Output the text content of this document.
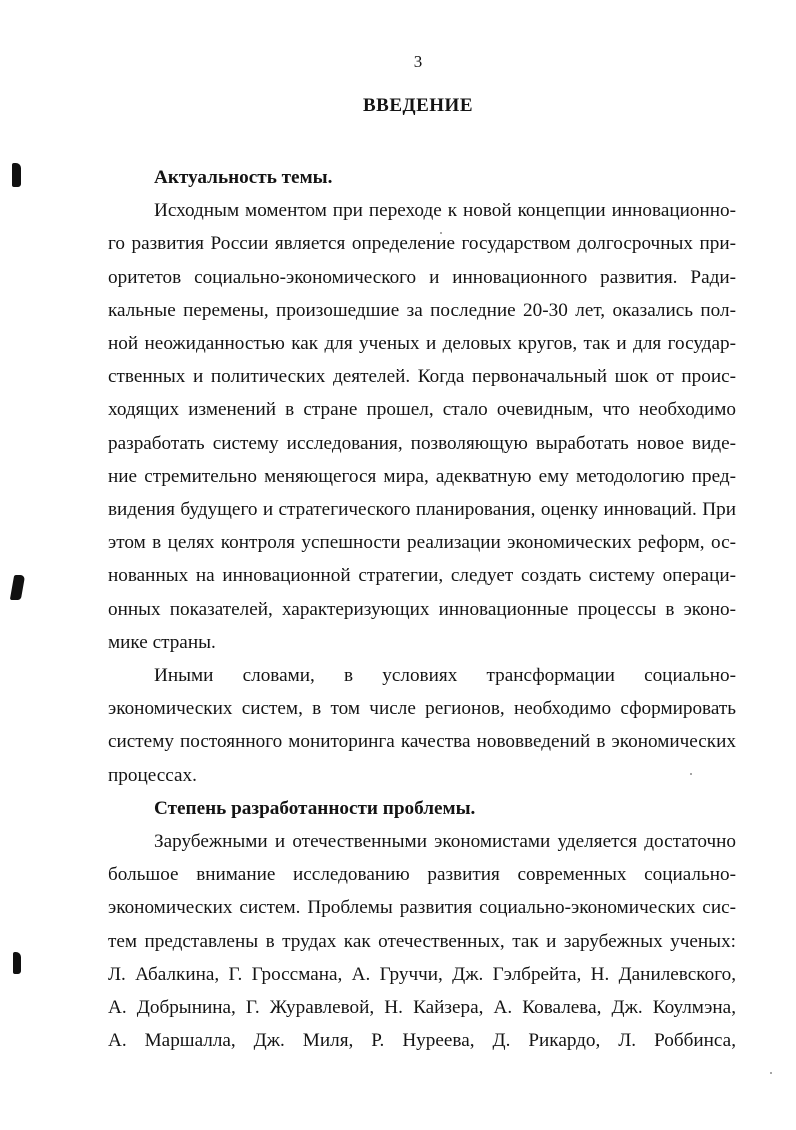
3
ВВЕДЕНИЕ
Актуальность темы.
Исходным моментом при переходе к новой концепции инновационно-
го развития России является определение государством долгосрочных при-
оритетов социально-экономического и инновационного развития. Ради-
кальные перемены, произошедшие за последние 20-30 лет, оказались пол-
ной неожиданностью как для ученых и деловых кругов, так и для государ-
ственных и политических деятелей. Когда первоначальный шок от проис-
ходящих изменений в стране прошел, стало очевидным, что необходимо
разработать систему исследования, позволяющую выработать новое виде-
ние стремительно меняющегося мира, адекватную ему методологию пред-
видения будущего и стратегического планирования, оценку инноваций. При
этом в целях контроля успешности реализации экономических реформ, ос-
нованных на инновационной стратегии, следует создать систему операци-
онных показателей, характеризующих инновационные процессы в эконо-
мике страны.
Иными словами, в условиях трансформации социально-
экономических систем, в том числе регионов, необходимо сформировать
систему постоянного мониторинга качества нововведений в экономических
процессах.
Степень разработанности проблемы.
Зарубежными и отечественными экономистами уделяется достаточно
большое внимание исследованию развития современных социально-
экономических систем. Проблемы развития социально-экономических сис-
тем представлены в трудах как отечественных, так и зарубежных ученых:
Л. Абалкина, Г. Гроссмана, А. Груччи, Дж. Гэлбрейта, Н. Данилевского,
А. Добрынина, Г. Журавлевой, Н. Кайзера, А. Ковалева, Дж. Коулмэна,
А. Маршалла, Дж. Миля, Р. Нуреева, Д. Рикардо, Л. Роббинса,
